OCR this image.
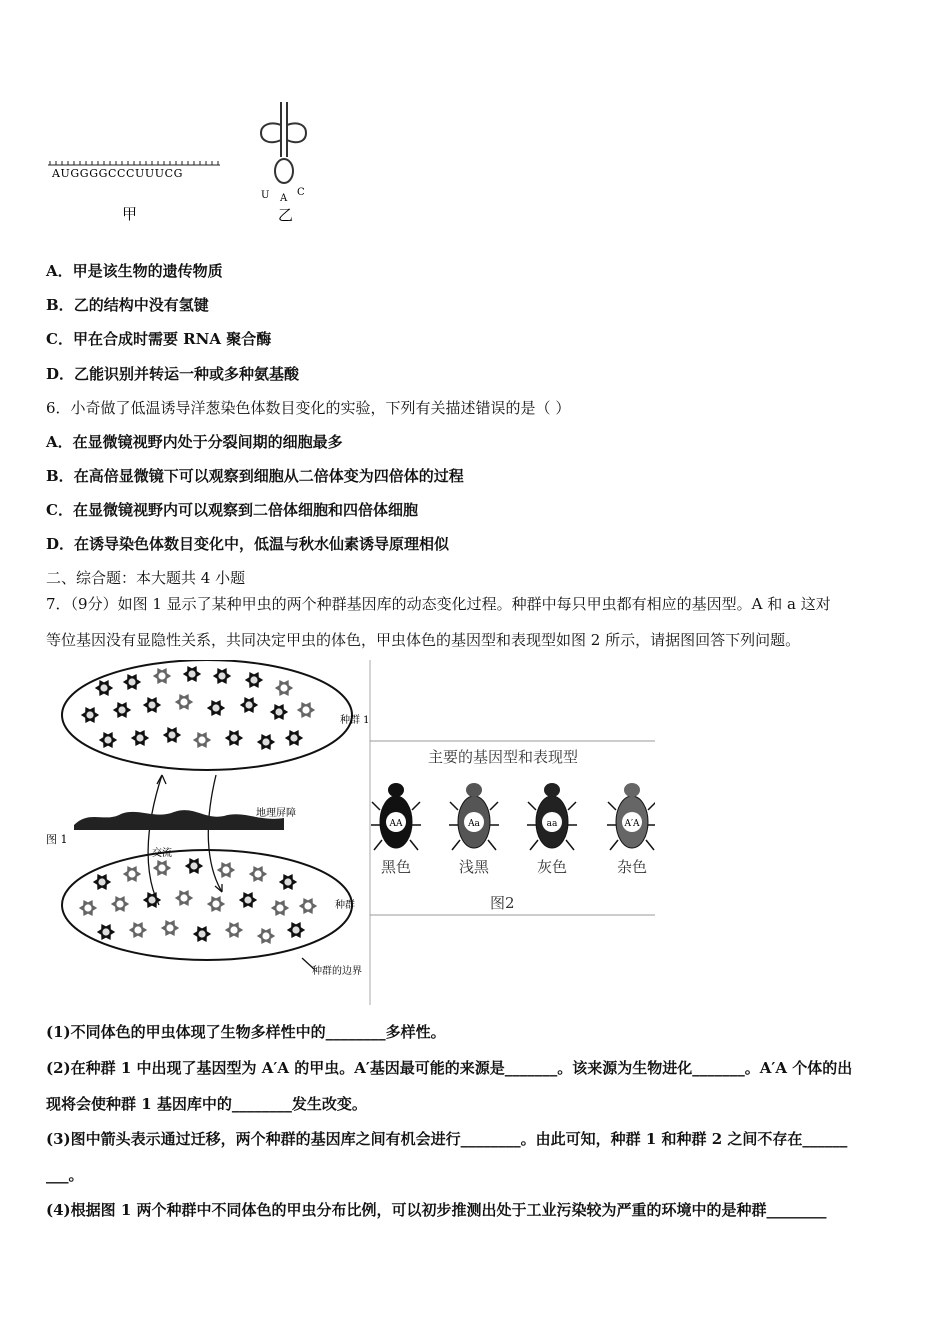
AUGGGGCCCUUUCG
甲
U A
C
乙
A．甲是该生物的遗传物质
B．乙的结构中没有氢键
C．甲在合成时需要 RNA 聚合酶
D．乙能识别并转运一种或多种氨基酸
6．小奇做了低温诱导洋葱染色体数目变化的实验，下列有关描述错误的是（ ）
A．在显微镜视野内处于分裂间期的细胞最多
B．在高倍显微镜下可以观察到细胞从二倍体变为四倍体的过程
C．在显微镜视野内可以观察到二倍体细胞和四倍体细胞
D．在诱导染色体数目变化中，低温与秋水仙素诱导原理相似
二、综合题：本大题共 4 小题
7．（9分）如图 1 显示了某种甲虫的两个种群基因库的动态变化过程。种群中每只甲虫都有相应的基因型。A 和 a 这对
等位基因没有显隐性关系，共同决定甲虫的体色，甲虫体色的基因型和表现型如图 2 所示，请据图回答下列问题。
种群 1
地理屏障
图 1
交流
种群
种群的边界
主要的基因型和表现型
AA
黑色
Aa
浅黑
aa
灰色
A′A
杂色
图2
(1)不同体色的甲虫体现了生物多样性中的________多样性。
(2)在种群 1 中出现了基因型为 A′A 的甲虫。A′基因最可能的来源是_______。该来源为生物进化_______。A′A 个体的出
现将会使种群 1 基因库中的________发生改变。
(3)图中箭头表示通过迁移，两个种群的基因库之间有机会进行________。由此可知，种群 1 和种群 2 之间不存在______
___。
(4)根据图 1 两个种群中不同体色的甲虫分布比例，可以初步推测出处于工业污染较为严重的环境中的是种群________
